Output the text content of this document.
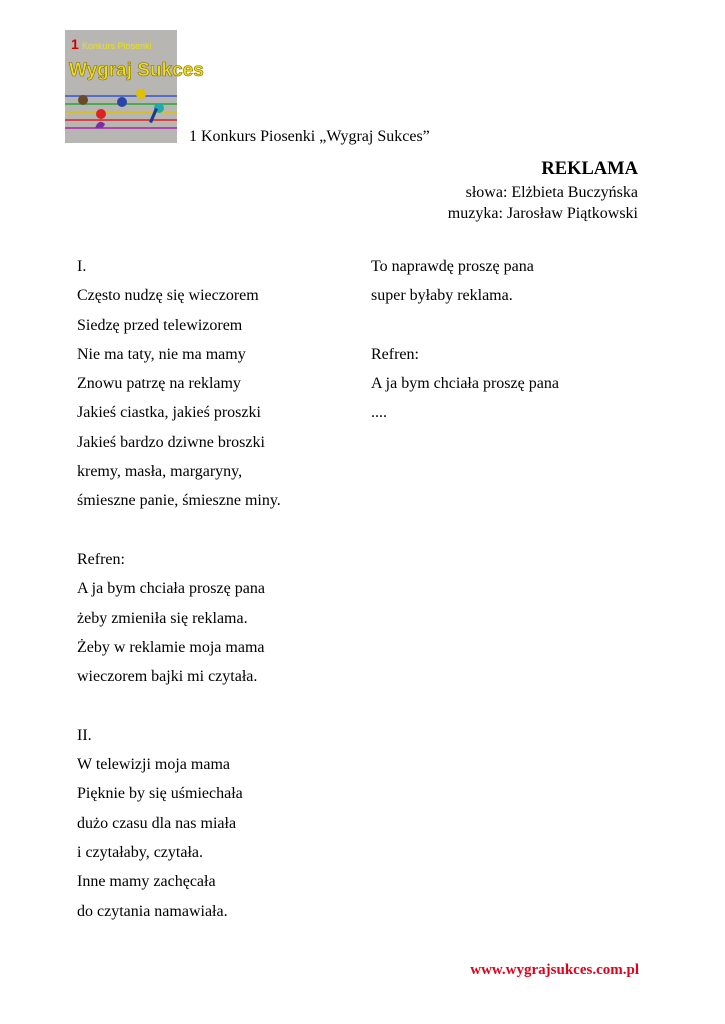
1 Konkurs Piosenki
Wygraj Sukces
1 Konkurs Piosenki „Wygraj Sukces”
REKLAMA
słowa: Elżbieta Buczyńska
muzyka: Jarosław Piątkowski
I.
Często nudzę się wieczorem
Siedzę przed telewizorem
Nie ma taty, nie ma mamy
Znowu patrzę na reklamy
Jakieś ciastka, jakieś proszki
Jakieś bardzo dziwne broszki
kremy, masła, margaryny,
śmieszne panie, śmieszne miny.
Refren:
A ja bym chciała proszę pana
żeby zmieniła się reklama.
Żeby w reklamie moja mama
wieczorem bajki mi czytała.
II.
W telewizji moja mama
Pięknie by się uśmiechała
dużo czasu dla nas miała
i czytałaby, czytała.
Inne mamy zachęcała
do czytania namawiała.
To naprawdę proszę pana
super byłaby reklama.
Refren:
A ja bym chciała proszę pana
....
www.wygrajsukces.com.pl
